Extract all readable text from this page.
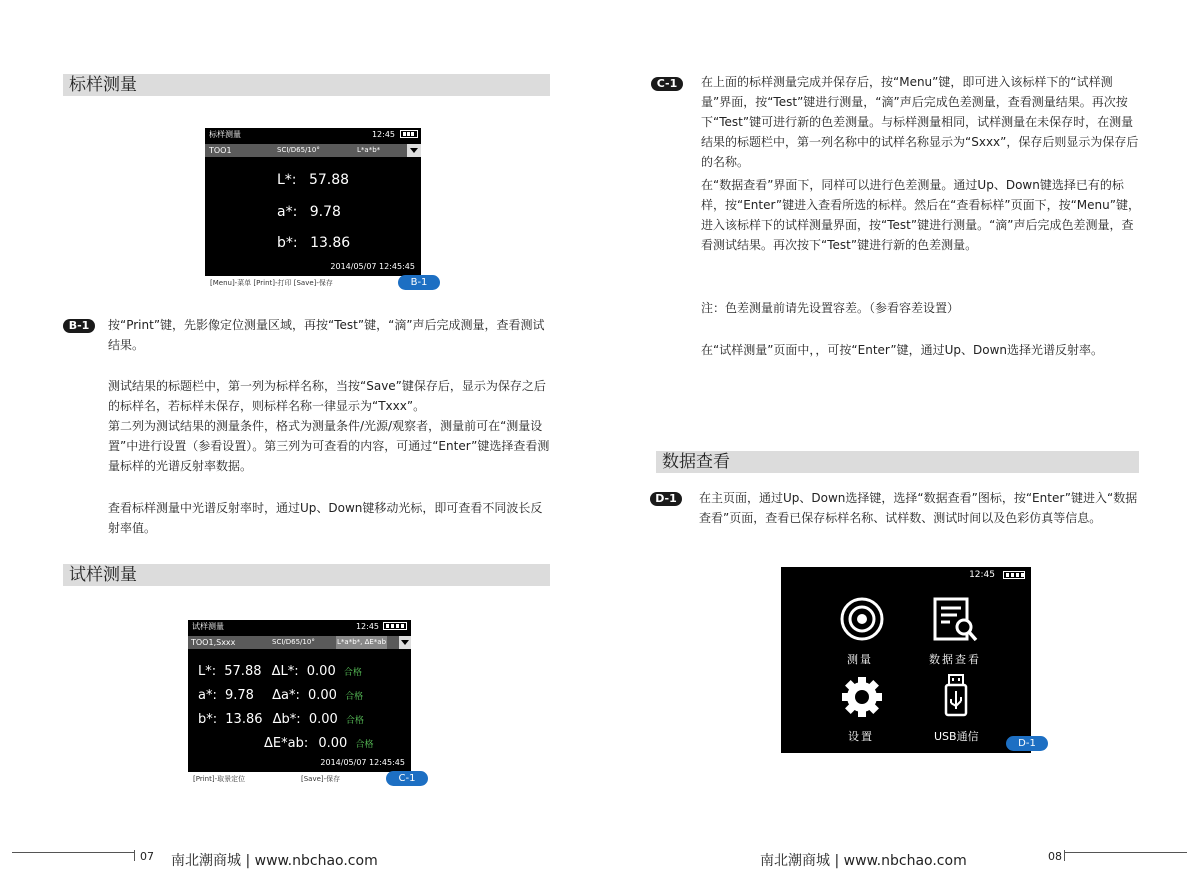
标样测量
标样测量	12:45
TOO1	SCI/D65/10°	L*a*b*
L*: 57.88
a*: 9.78
b*: 13.86
2014/05/07 12:45:45
[Menu]-菜单 [Print]-打印 [Save]-保存	B-1
B-1	按“Print”键，先影像定位测量区域，再按“Test”键，“滴”声后完成测量，查看测试结果。
测试结果的标题栏中，第一列为标样名称，当按“Save”键保存后，显示为保存之后的标样名，若标样未保存，则标样名称一律显示为“Txxx”。
第二列为测试结果的测量条件，格式为测量条件/光源/观察者，测量前可在“测量设置”中进行设置（参看设置）。第三列为可查看的内容，可通过“Enter”键选择查看测量标样的光谱反射率数据。
查看标样测量中光谱反射率时，通过Up、Down键移动光标，即可查看不同波长反射率值。
试样测量
试样测量	12:45
TOO1,Sxxx	SCI/D65/10°	L*a*b*, ΔE*ab
L*: 57.88 ΔL*: 0.00 合格
a*: 9.78 Δa*: 0.00 合格
b*: 13.86 Δb*: 0.00 合格
ΔE*ab: 0.00 合格
2014/05/07 12:45:45
[Print]-取景定位	[Save]-保存	C-1
07 南北潮商城 | www.nbchao.com
C-1	在上面的标样测量完成并保存后，按“Menu”键，即可进入该标样下的“试样测量”界面，按“Test”键进行测量，“滴”声后完成色差测量，查看测量结果。再次按下“Test”键可进行新的色差测量。与标样测量相同，试样测量在未保存时，在测量结果的标题栏中，第一列名称中的试样名称显示为“Sxxx”，保存后则显示为保存后的名称。
在“数据查看”界面下，同样可以进行色差测量。通过Up、Down键选择已有的标样，按“Enter”键进入查看所选的标样。然后在“查看标样”页面下，按“Menu”键，进入该标样下的试样测量界面，按“Test”键进行测量。“滴”声后完成色差测量，查看测试结果。再次按下“Test”键进行新的色差测量。
注：色差测量前请先设置容差。（参看容差设置）
在“试样测量”页面中，，可按“Enter”键，通过Up、Down选择光谱反射率。
数据查看
D-1	在主页面，通过Up、Down选择键，选择“数据查看”图标，按“Enter”键进入“数据查看”页面，查看已保存标样名称、试样数、测试时间以及色彩仿真等信息。
12:45
测量	数据查看
设置	USB通信
D-1
南北潮商城 | www.nbchao.com	08
